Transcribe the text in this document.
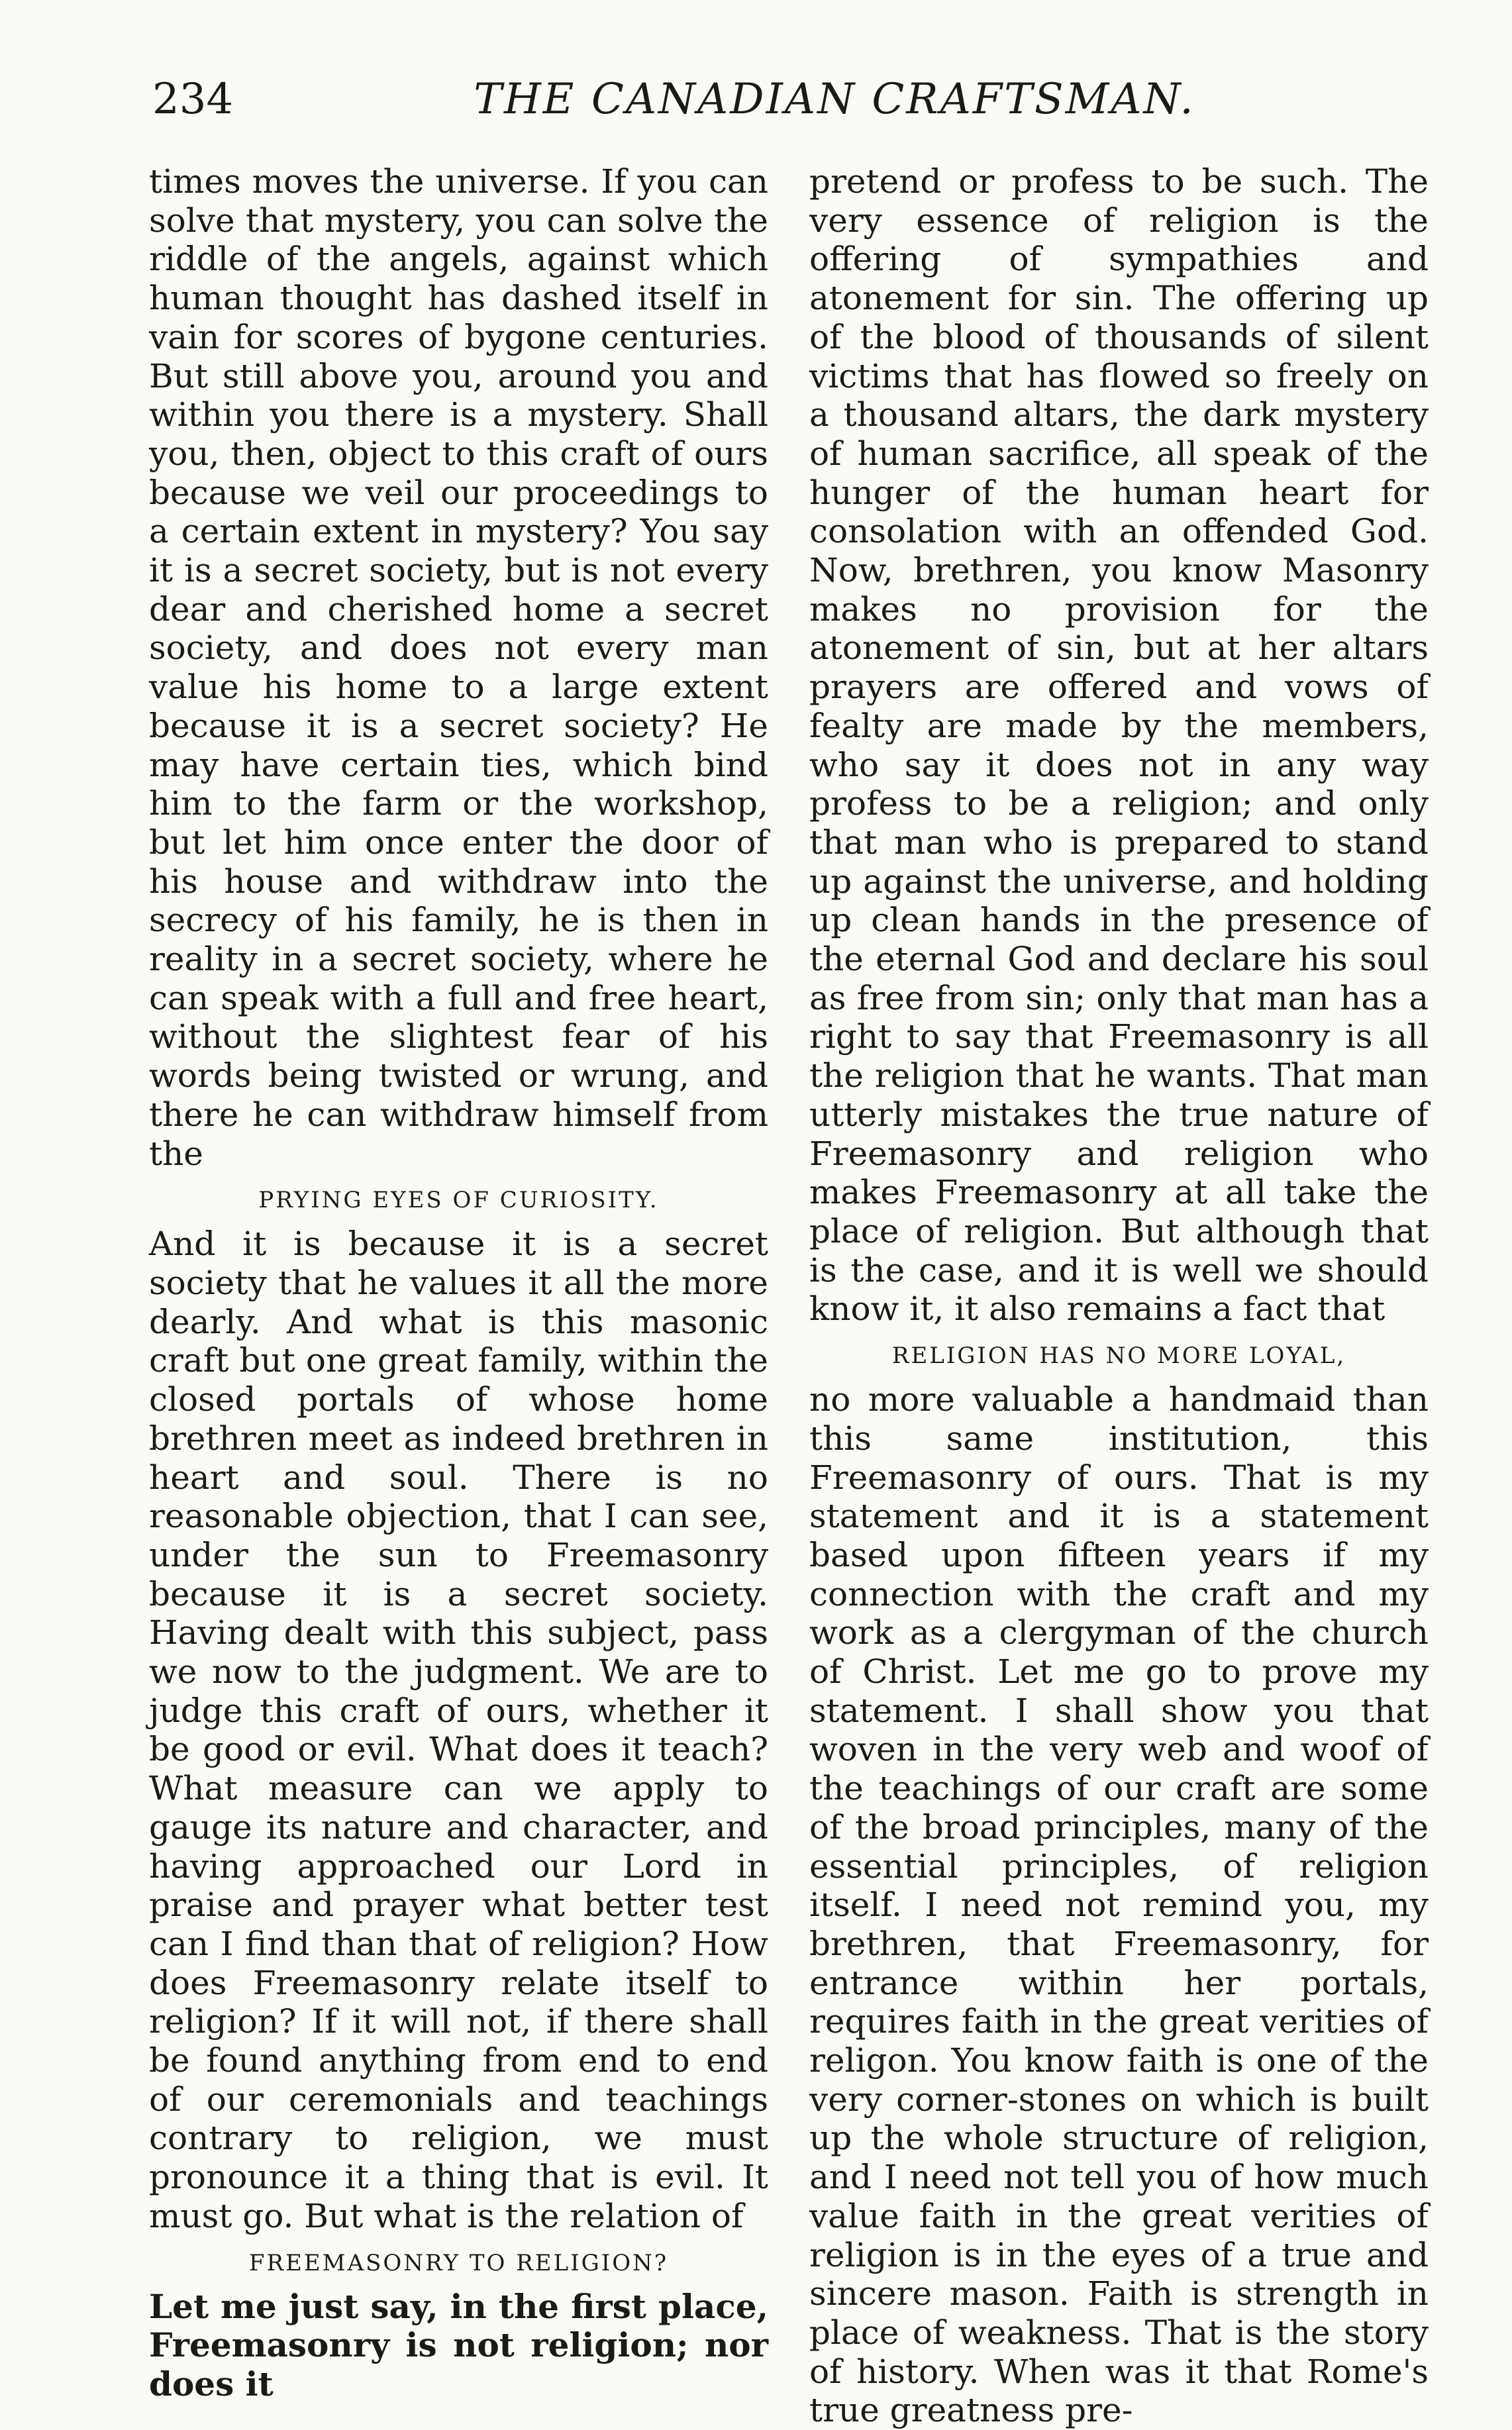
234	THE CANADIAN CRAFTSMAN.

times moves the universe. If you can solve that mystery, you can solve the riddle of the angels, against which human thought has dashed itself in vain for scores of bygone centuries. But still above you, around you and within you there is a mystery. Shall you, then, object to this craft of ours because we veil our proceedings to a certain extent in mystery? You say it is a secret society, but is not every dear and cherished home a secret society, and does not every man value his home to a large extent because it is a secret society? He may have certain ties, which bind him to the farm or the workshop, but let him once enter the door of his house and withdraw into the secrecy of his family, he is then in reality in a secret society, where he can speak with a full and free heart, without the slightest fear of his words being twisted or wrung, and there he can withdraw himself from the

PRYING EYES OF CURIOSITY.

And it is because it is a secret society that he values it all the more dearly. And what is this masonic craft but one great family, within the closed portals of whose home brethren meet as indeed brethren in heart and soul. There is no reasonable objection, that I can see, under the sun to Freemasonry because it is a secret society. Having dealt with this subject, pass we now to the judgment. We are to judge this craft of ours, whether it be good or evil. What does it teach? What measure can we apply to gauge its nature and character, and having approached our Lord in praise and prayer what better test can I find than that of religion? How does Freemasonry relate itself to religion? If it will not, if there shall be found anything from end to end of our ceremonials and teachings contrary to religion, we must pronounce it a thing that is evil. It must go. But what is the relation of

FREEMASONRY TO RELIGION?

Let me just say, in the first place, Freemasonry is not religion; nor does it

pretend or profess to be such. The very essence of religion is the offering of sympathies and atonement for sin. The offering up of the blood of thousands of silent victims that has flowed so freely on a thousand altars, the dark mystery of human sacrifice, all speak of the hunger of the human heart for consolation with an offended God. Now, brethren, you know Masonry makes no provision for the atonement of sin, but at her altars prayers are offered and vows of fealty are made by the members, who say it does not in any way profess to be a religion; and only that man who is prepared to stand up against the universe, and holding up clean hands in the presence of the eternal God and declare his soul as free from sin; only that man has a right to say that Freemasonry is all the religion that he wants. That man utterly mistakes the true nature of Freemasonry and religion who makes Freemasonry at all take the place of religion. But although that is the case, and it is well we should know it, it also remains a fact that

RELIGION HAS NO MORE LOYAL,

no more valuable a handmaid than this same institution, this Freemasonry of ours. That is my statement and it is a statement based upon fifteen years if my connection with the craft and my work as a clergyman of the church of Christ. Let me go to prove my statement. I shall show you that woven in the very web and woof of the teachings of our craft are some of the broad principles, many of the essential principles, of religion itself. I need not remind you, my brethren, that Freemasonry, for entrance within her portals, requires faith in the great verities of religon. You know faith is one of the very corner-stones on which is built up the whole structure of religion, and I need not tell you of how much value faith in the great verities of religion is in the eyes of a true and sincere mason. Faith is strength in place of weakness. That is the story of history. When was it that Rome's true greatness pre-
